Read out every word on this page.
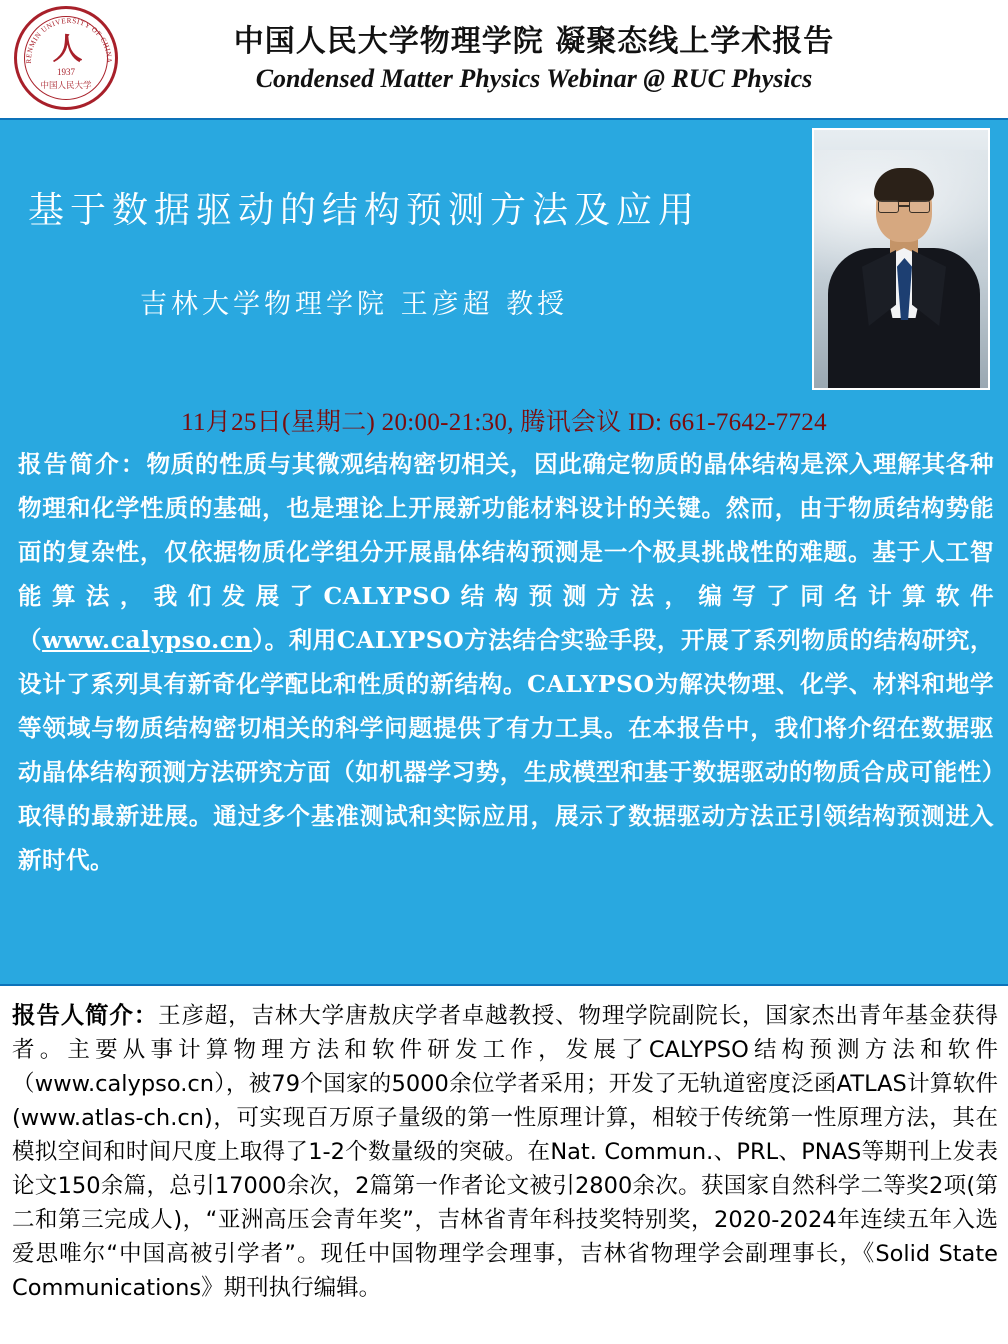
RENMIN UNIVERSITY OF CHINA
人
1937
中国人民大学
中国人民大学物理学院 凝聚态线上学术报告
Condensed Matter Physics Webinar @ RUC Physics
基于数据驱动的结构预测方法及应用
吉林大学物理学院 王彦超 教授
11月25日(星期二) 20:00-21:30, 腾讯会议 ID: 661-7642-7724
报告简介：物质的性质与其微观结构密切相关，因此确定物质的晶体结构是深入理解其各种物理和化学性质的基础，也是理论上开展新功能材料设计的关键。然而，由于物质结构势能面的复杂性，仅依据物质化学组分开展晶体结构预测是一个极具挑战性的难题。基于人工智能算法，我们发展了CALYPSO结构预测方法，编写了同名计算软件（www.calypso.cn）。利用CALYPSO方法结合实验手段，开展了系列物质的结构研究，设计了系列具有新奇化学配比和性质的新结构。CALYPSO为解决物理、化学、材料和地学等领域与物质结构密切相关的科学问题提供了有力工具。在本报告中，我们将介绍在数据驱动晶体结构预测方法研究方面（如机器学习势，生成模型和基于数据驱动的物质合成可能性）取得的最新进展。通过多个基准测试和实际应用，展示了数据驱动方法正引领结构预测进入新时代。
报告人简介：王彦超，吉林大学唐敖庆学者卓越教授、物理学院副院长，国家杰出青年基金获得者。主要从事计算物理方法和软件研发工作，发展了CALYPSO结构预测方法和软件（www.calypso.cn），被79个国家的5000余位学者采用；开发了无轨道密度泛函ATLAS计算软件(www.atlas-ch.cn)，可实现百万原子量级的第一性原理计算，相较于传统第一性原理方法，其在模拟空间和时间尺度上取得了1-2个数量级的突破。在Nat. Commun.、PRL、PNAS等期刊上发表论文150余篇，总引17000余次，2篇第一作者论文被引2800余次。获国家自然科学二等奖2项(第二和第三完成人)，“亚洲高压会青年奖”，吉林省青年科技奖特别奖，2020-2024年连续五年入选爱思唯尔“中国高被引学者”。现任中国物理学会理事，吉林省物理学会副理事长，《Solid State Communications》期刊执行编辑。
